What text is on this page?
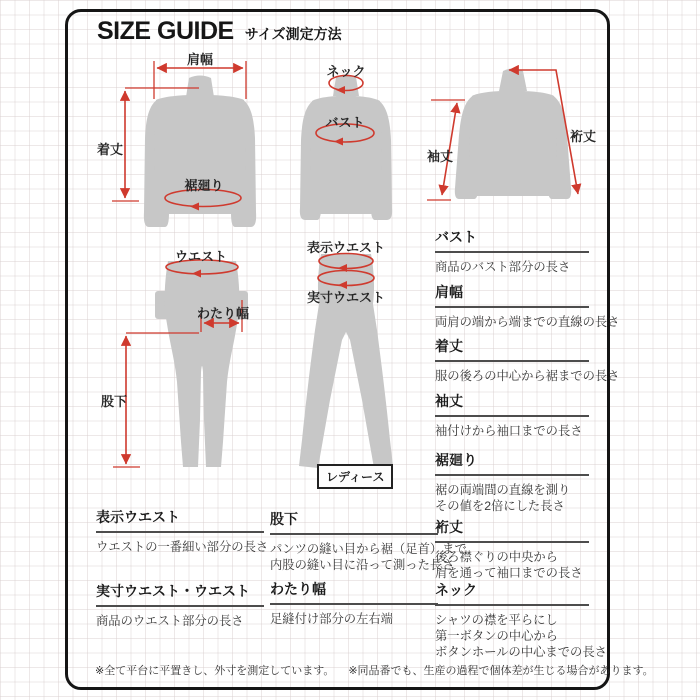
SIZE GUIDE サイズ測定方法
肩幅
着丈
裾廻り
ネック
バスト
袖丈
裄丈
ウエスト
わたり幅
股下
表示ウエスト
実寸ウエスト
レディース
バスト
商品のバスト部分の長さ
肩幅
両肩の端から端までの直線の長さ
着丈
服の後ろの中心から裾までの長さ
袖丈
袖付けから袖口までの長さ
裾廻り
裾の両端間の直線を測り
その値を2倍にした長さ
裄丈
後ろ襟ぐりの中央から
肩を通って袖口までの長さ
ネック
シャツの襟を平らにし
第一ボタンの中心から
ボタンホールの中心までの長さ
表示ウエスト
ウエストの一番細い部分の長さ
実寸ウエスト・ウエスト
商品のウエスト部分の長さ
股下
パンツの縫い目から裾（足首）まで
内股の縫い目に沿って測った長さ
わたり幅
足縫付け部分の左右端
※全て平台に平置きし、外寸を測定しています。 ※同品番でも、生産の過程で個体差が生じる場合があります。
